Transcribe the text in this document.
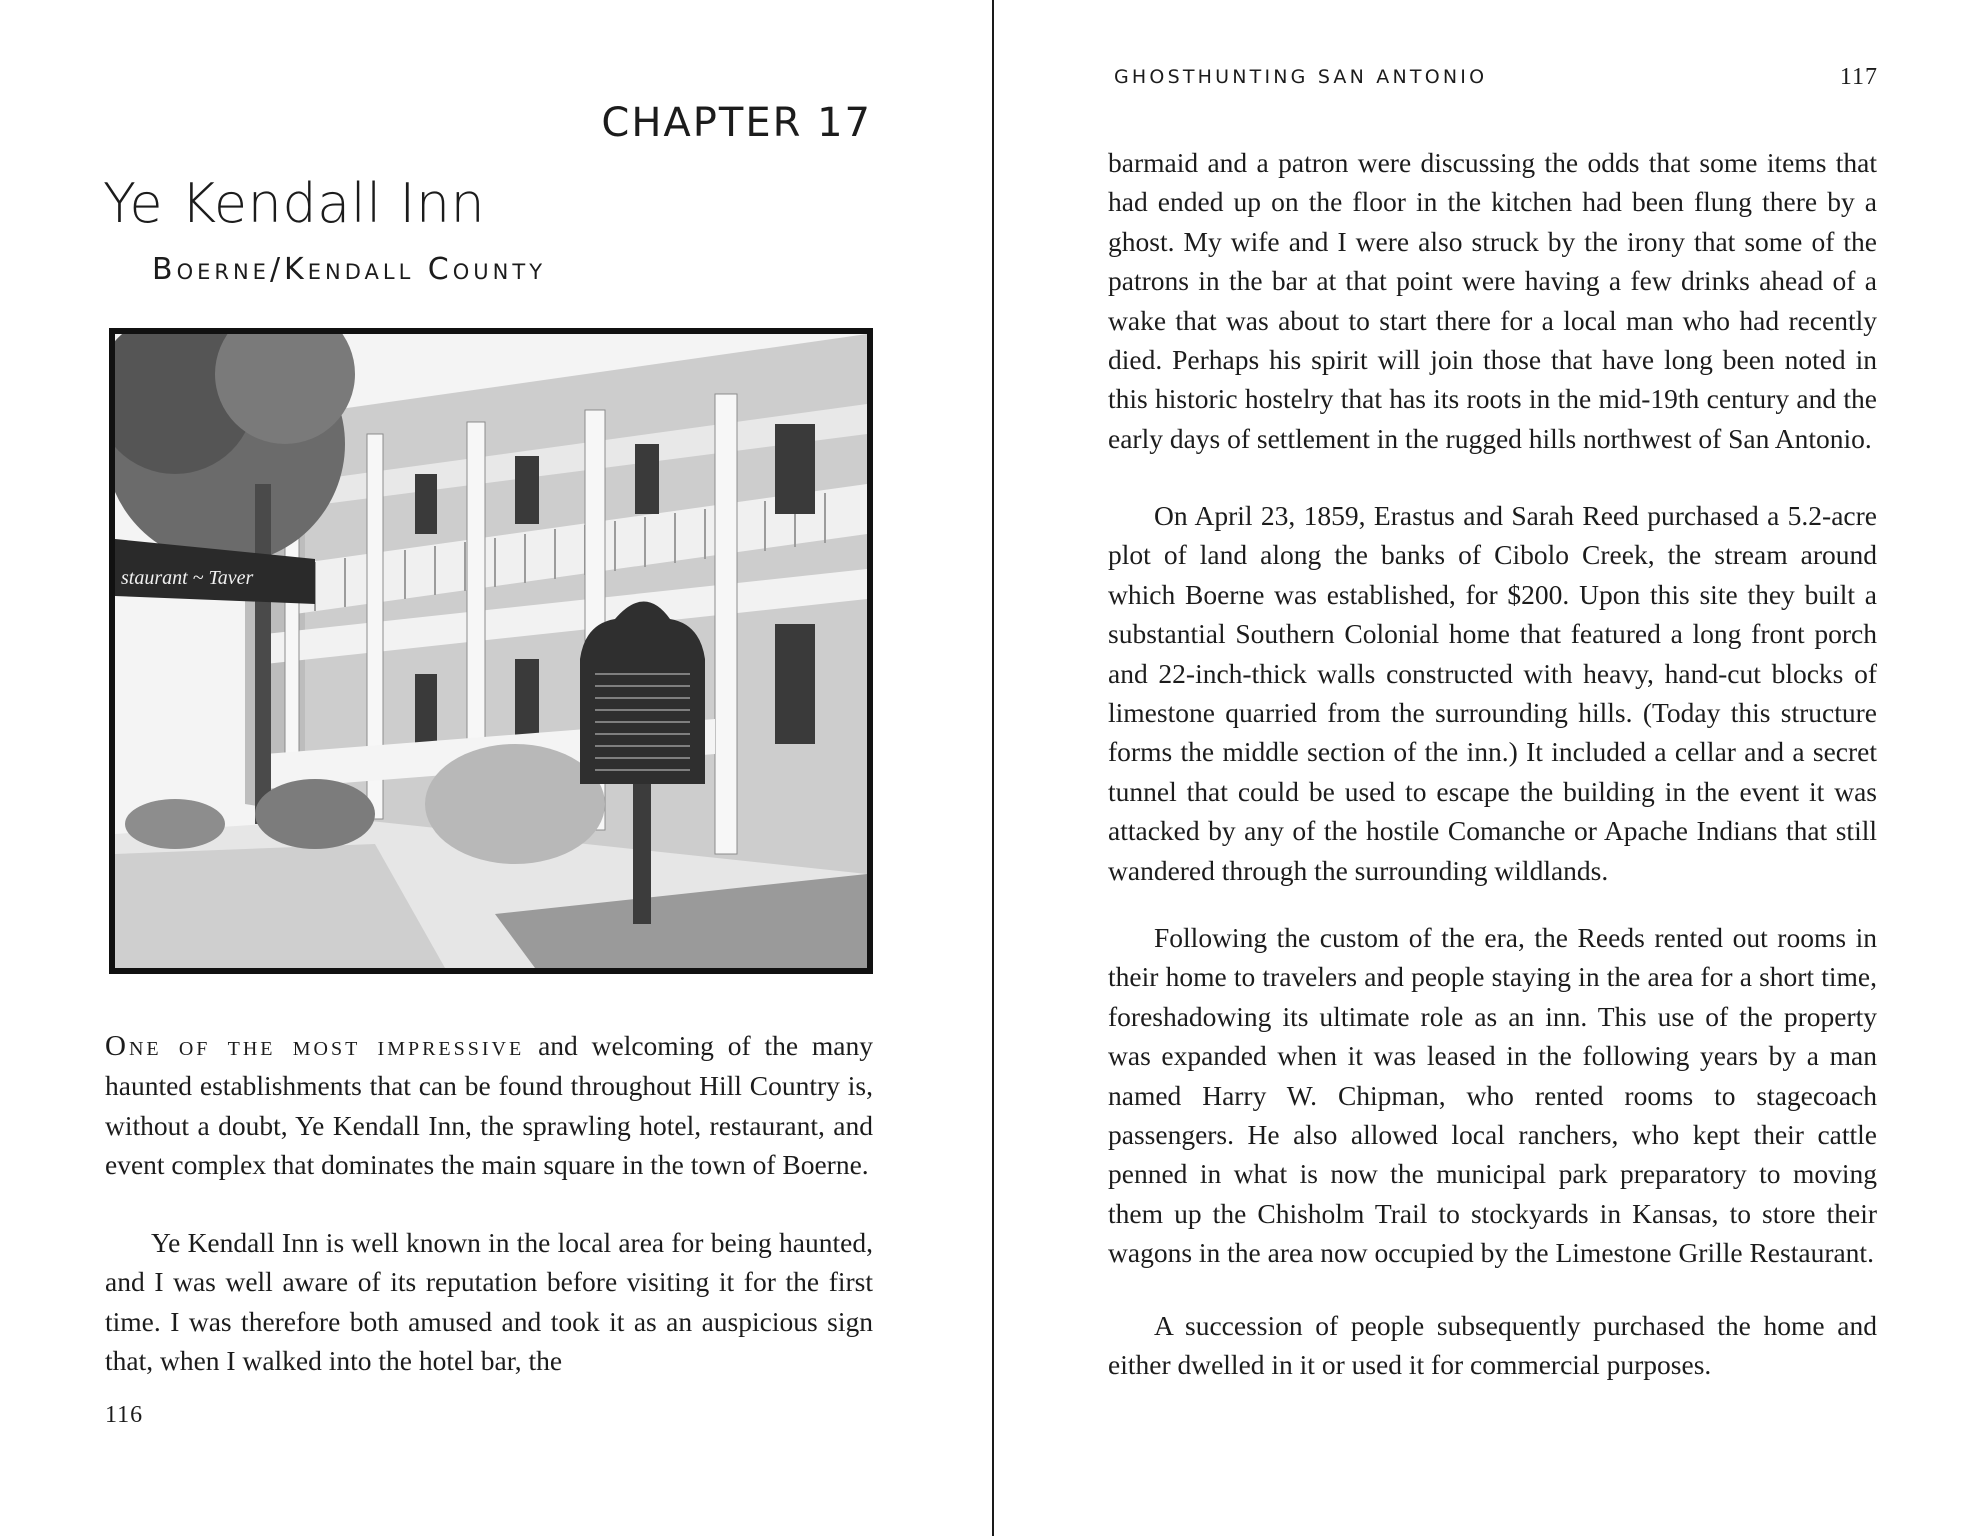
CHAPTER 17
Ye Kendall Inn
Boerne/Kendall County
staurant ~ Taver

One of the most impressive and welcoming of the many haunted establishments that can be found throughout Hill Country is, without a doubt, Ye Kendall Inn, the sprawling hotel, restaurant, and event complex that dominates the main square in the town of Boerne.

Ye Kendall Inn is well known in the local area for being haunted, and I was well aware of its reputation before visiting it for the first time. I was therefore both amused and took it as an auspicious sign that, when I walked into the hotel bar, the

116
GHOSTHUNTING SAN ANTONIO	117

barmaid and a patron were discussing the odds that some items that had ended up on the floor in the kitchen had been flung there by a ghost. My wife and I were also struck by the irony that some of the patrons in the bar at that point were having a few drinks ahead of a wake that was about to start there for a local man who had recently died. Perhaps his spirit will join those that have long been noted in this historic hostelry that has its roots in the mid-19th century and the early days of settlement in the rugged hills northwest of San Antonio.

On April 23, 1859, Erastus and Sarah Reed purchased a 5.2-acre plot of land along the banks of Cibolo Creek, the stream around which Boerne was established, for $200. Upon this site they built a substantial Southern Colonial home that featured a long front porch and 22-inch-thick walls constructed with heavy, hand-cut blocks of limestone quarried from the surrounding hills. (Today this structure forms the middle section of the inn.) It included a cellar and a secret tunnel that could be used to escape the building in the event it was attacked by any of the hostile Comanche or Apache Indians that still wandered through the surrounding wildlands.

Following the custom of the era, the Reeds rented out rooms in their home to travelers and people staying in the area for a short time, foreshadowing its ultimate role as an inn. This use of the property was expanded when it was leased in the following years by a man named Harry W. Chipman, who rented rooms to stagecoach passengers. He also allowed local ranchers, who kept their cattle penned in what is now the municipal park preparatory to moving them up the Chisholm Trail to stockyards in Kansas, to store their wagons in the area now occupied by the Limestone Grille Restaurant.

A succession of people subsequently purchased the home and either dwelled in it or used it for commercial purposes.
